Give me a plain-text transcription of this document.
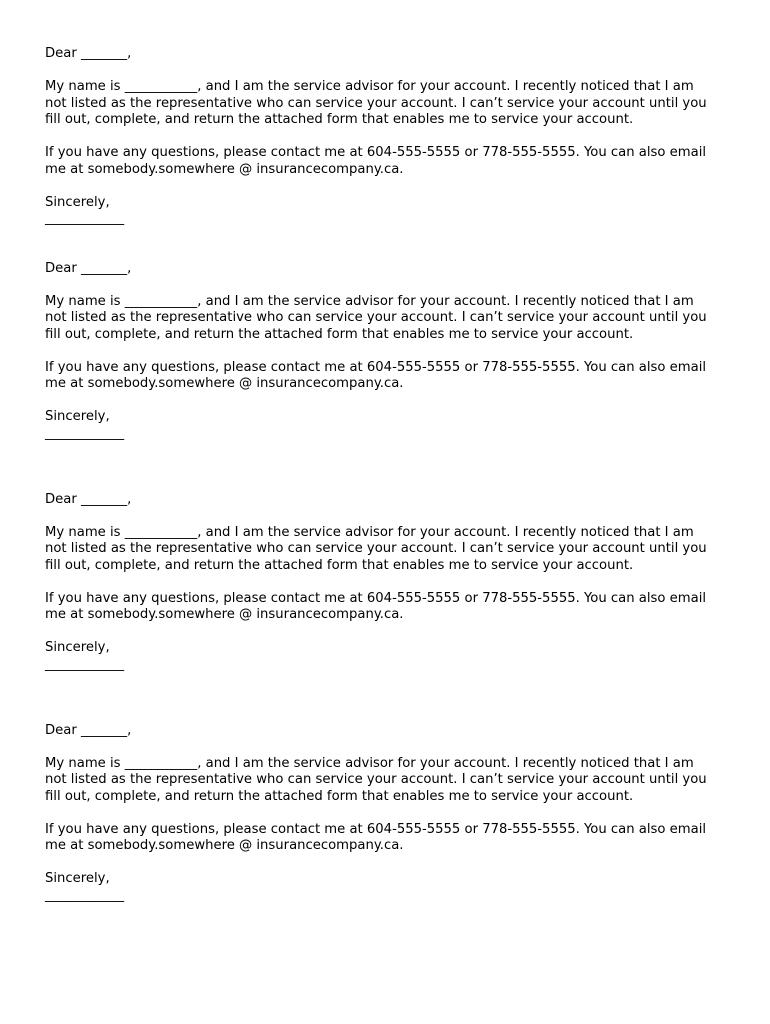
Dear _______,

My name is ___________, and I am the service advisor for your account. I recently noticed that I am not listed as the representative who can service your account. I can’t service your account until you fill out, complete, and return the attached form that enables me to service your account.

If you have any questions, please contact me at 604-555-5555 or 778-555-5555. You can also email me at somebody.somewhere @ insurancecompany.ca.

Sincerely,

____________

Dear _______,

My name is ___________, and I am the service advisor for your account. I recently noticed that I am not listed as the representative who can service your account. I can’t service your account until you fill out, complete, and return the attached form that enables me to service your account.

If you have any questions, please contact me at 604-555-5555 or 778-555-5555. You can also email me at somebody.somewhere @ insurancecompany.ca.

Sincerely,

____________

Dear _______,

My name is ___________, and I am the service advisor for your account. I recently noticed that I am not listed as the representative who can service your account. I can’t service your account until you fill out, complete, and return the attached form that enables me to service your account.

If you have any questions, please contact me at 604-555-5555 or 778-555-5555. You can also email me at somebody.somewhere @ insurancecompany.ca.

Sincerely,

____________

Dear _______,

My name is ___________, and I am the service advisor for your account. I recently noticed that I am not listed as the representative who can service your account. I can’t service your account until you fill out, complete, and return the attached form that enables me to service your account.

If you have any questions, please contact me at 604-555-5555 or 778-555-5555. You can also email me at somebody.somewhere @ insurancecompany.ca.

Sincerely,

____________
